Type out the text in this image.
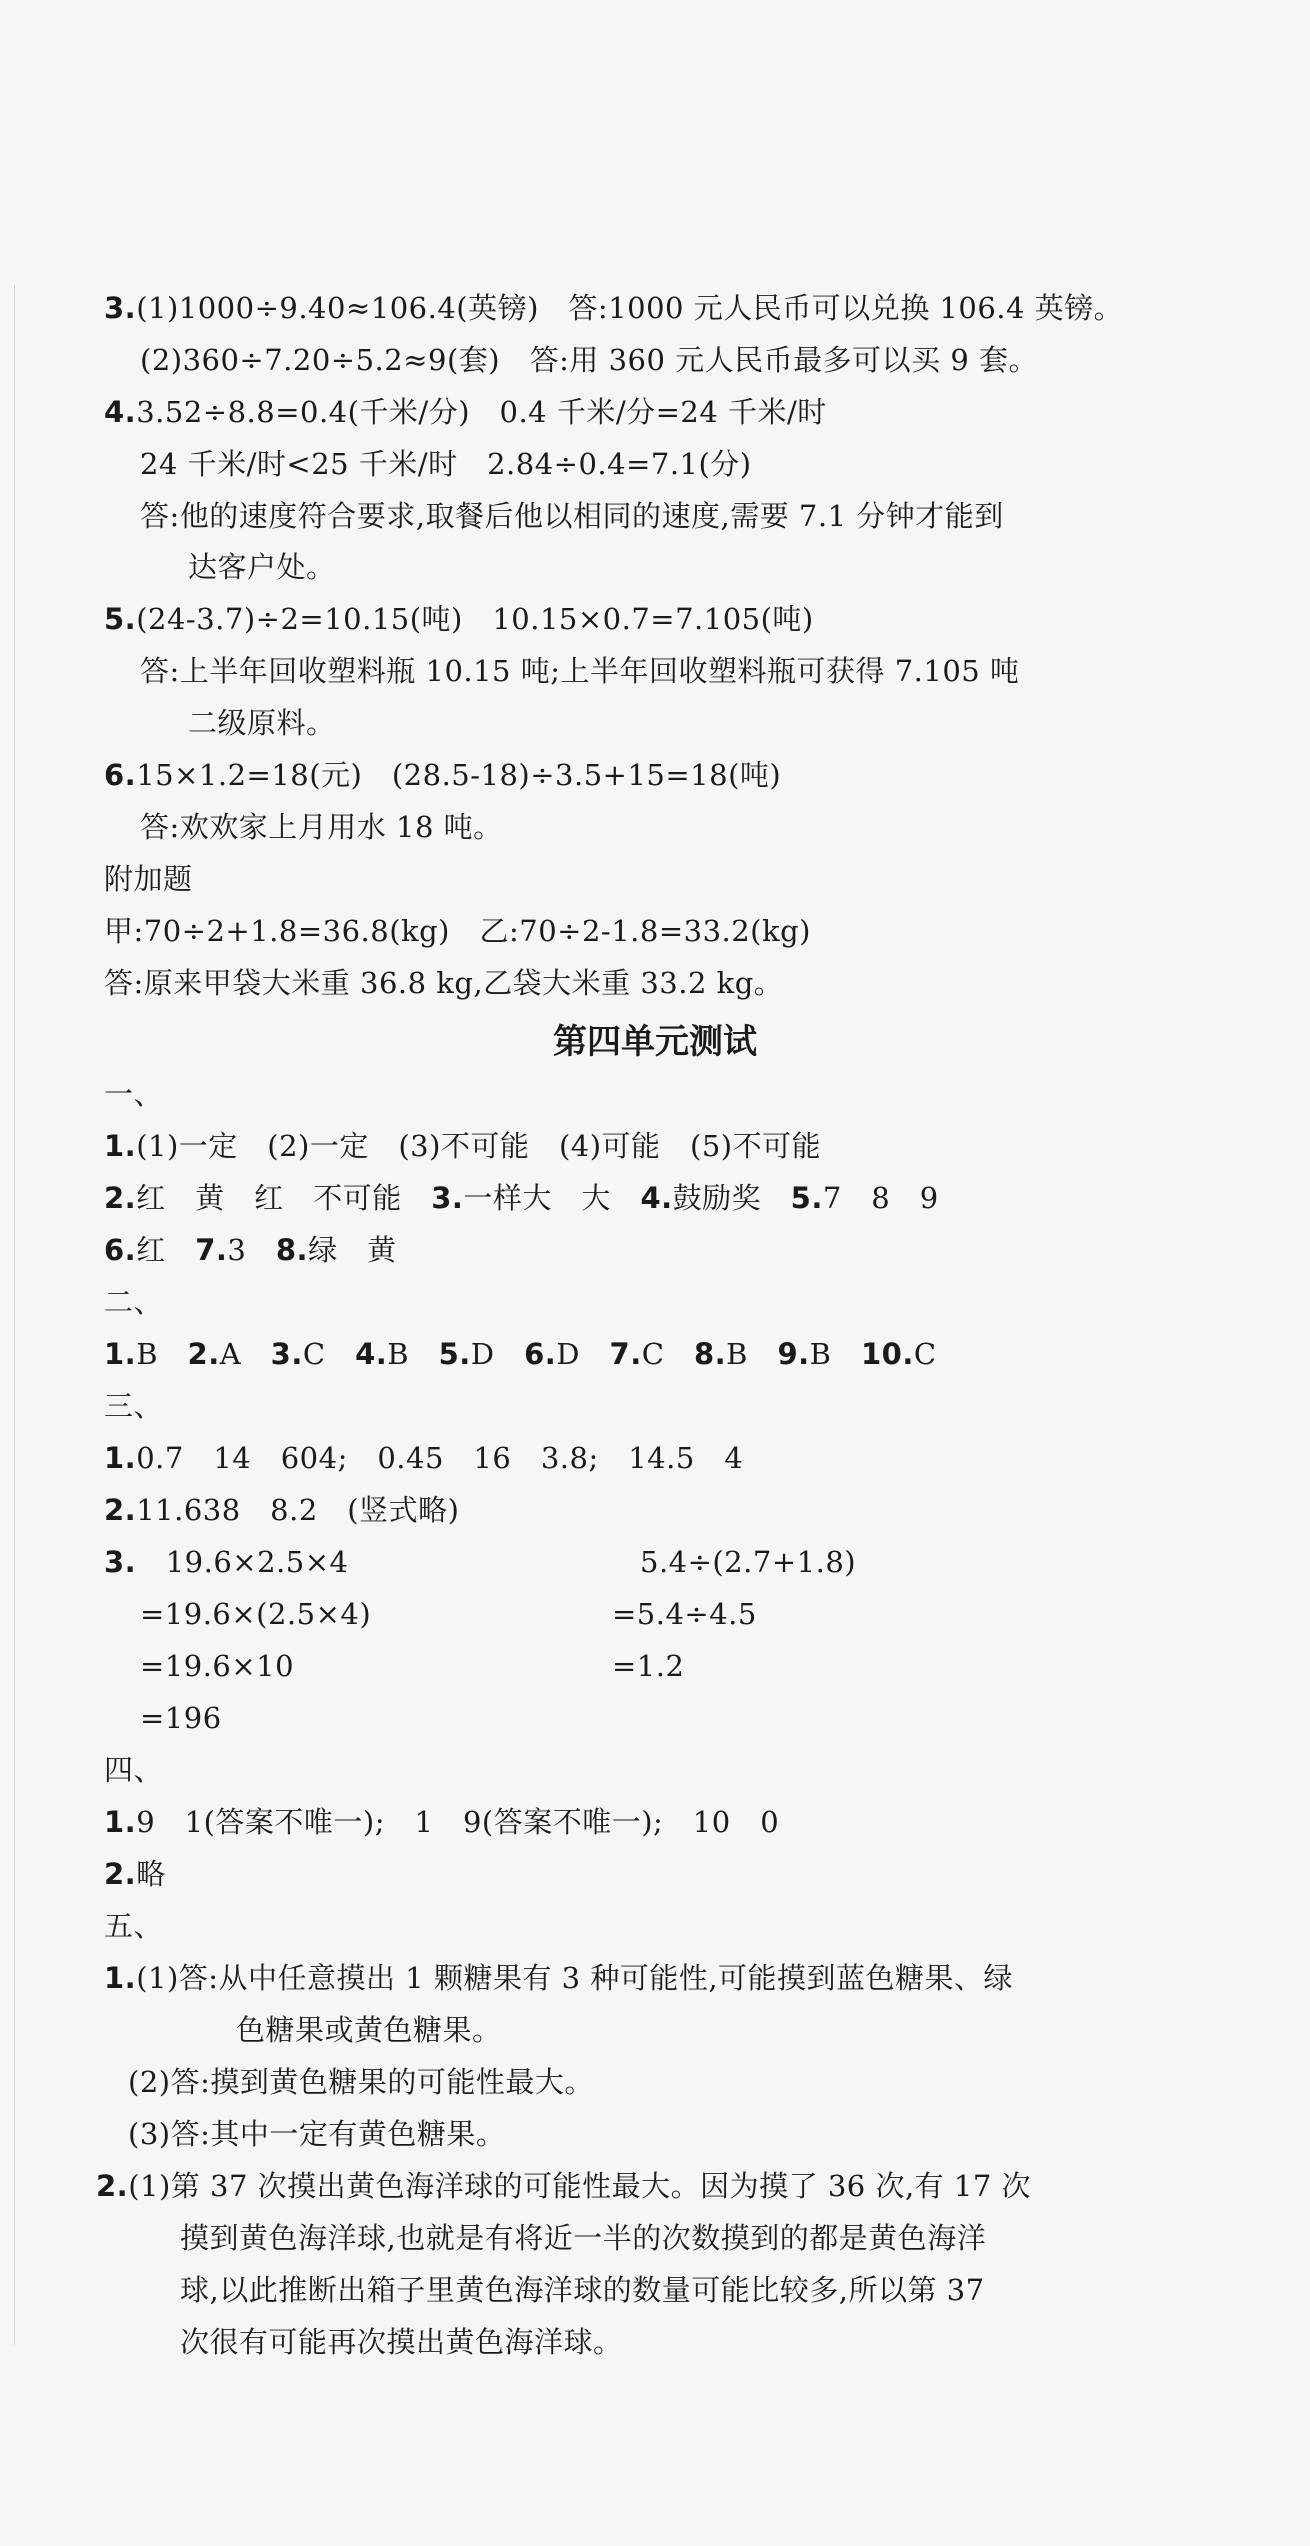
3.(1)1000÷9.40≈106.4(英镑)　答:1000 元人民币可以兑换 106.4 英镑。
(2)360÷7.20÷5.2≈9(套)　答:用 360 元人民币最多可以买 9 套。
4.3.52÷8.8=0.4(千米/分)　0.4 千米/分=24 千米/时
24 千米/时<25 千米/时　2.84÷0.4=7.1(分)
答:他的速度符合要求,取餐后他以相同的速度,需要 7.1 分钟才能到
达客户处。
5.(24-3.7)÷2=10.15(吨)　10.15×0.7=7.105(吨)
答:上半年回收塑料瓶 10.15 吨;上半年回收塑料瓶可获得 7.105 吨
二级原料。
6.15×1.2=18(元)　(28.5-18)÷3.5+15=18(吨)
答:欢欢家上月用水 18 吨。
附加题
甲:70÷2+1.8=36.8(kg)　乙:70÷2-1.8=33.2(kg)
答:原来甲袋大米重 36.8 kg,乙袋大米重 33.2 kg。
第四单元测试
一、
1.(1)一定　(2)一定　(3)不可能　(4)可能　(5)不可能
2.红　黄　红　不可能　3.一样大　大　4.鼓励奖　5.7　8　9
6.红　7.3　8.绿　黄
二、
1.B　2.A　3.C　4.B　5.D　6.D　7.C　8.B　9.B　10.C
三、
1.0.7　14　604;　0.45　16　3.8;　14.5　4
2.11.638　8.2　(竖式略)
3.　19.6×2.5×4	5.4÷(2.7+1.8)
=19.6×(2.5×4)	=5.4÷4.5
=19.6×10	=1.2
=196
四、
1.9　1(答案不唯一);　1　9(答案不唯一);　10　0
2.略
五、
1.(1)答:从中任意摸出 1 颗糖果有 3 种可能性,可能摸到蓝色糖果、绿
色糖果或黄色糖果。
(2)答:摸到黄色糖果的可能性最大。
(3)答:其中一定有黄色糖果。
2.(1)第 37 次摸出黄色海洋球的可能性最大。因为摸了 36 次,有 17 次
摸到黄色海洋球,也就是有将近一半的次数摸到的都是黄色海洋
球,以此推断出箱子里黄色海洋球的数量可能比较多,所以第 37
次很有可能再次摸出黄色海洋球。
